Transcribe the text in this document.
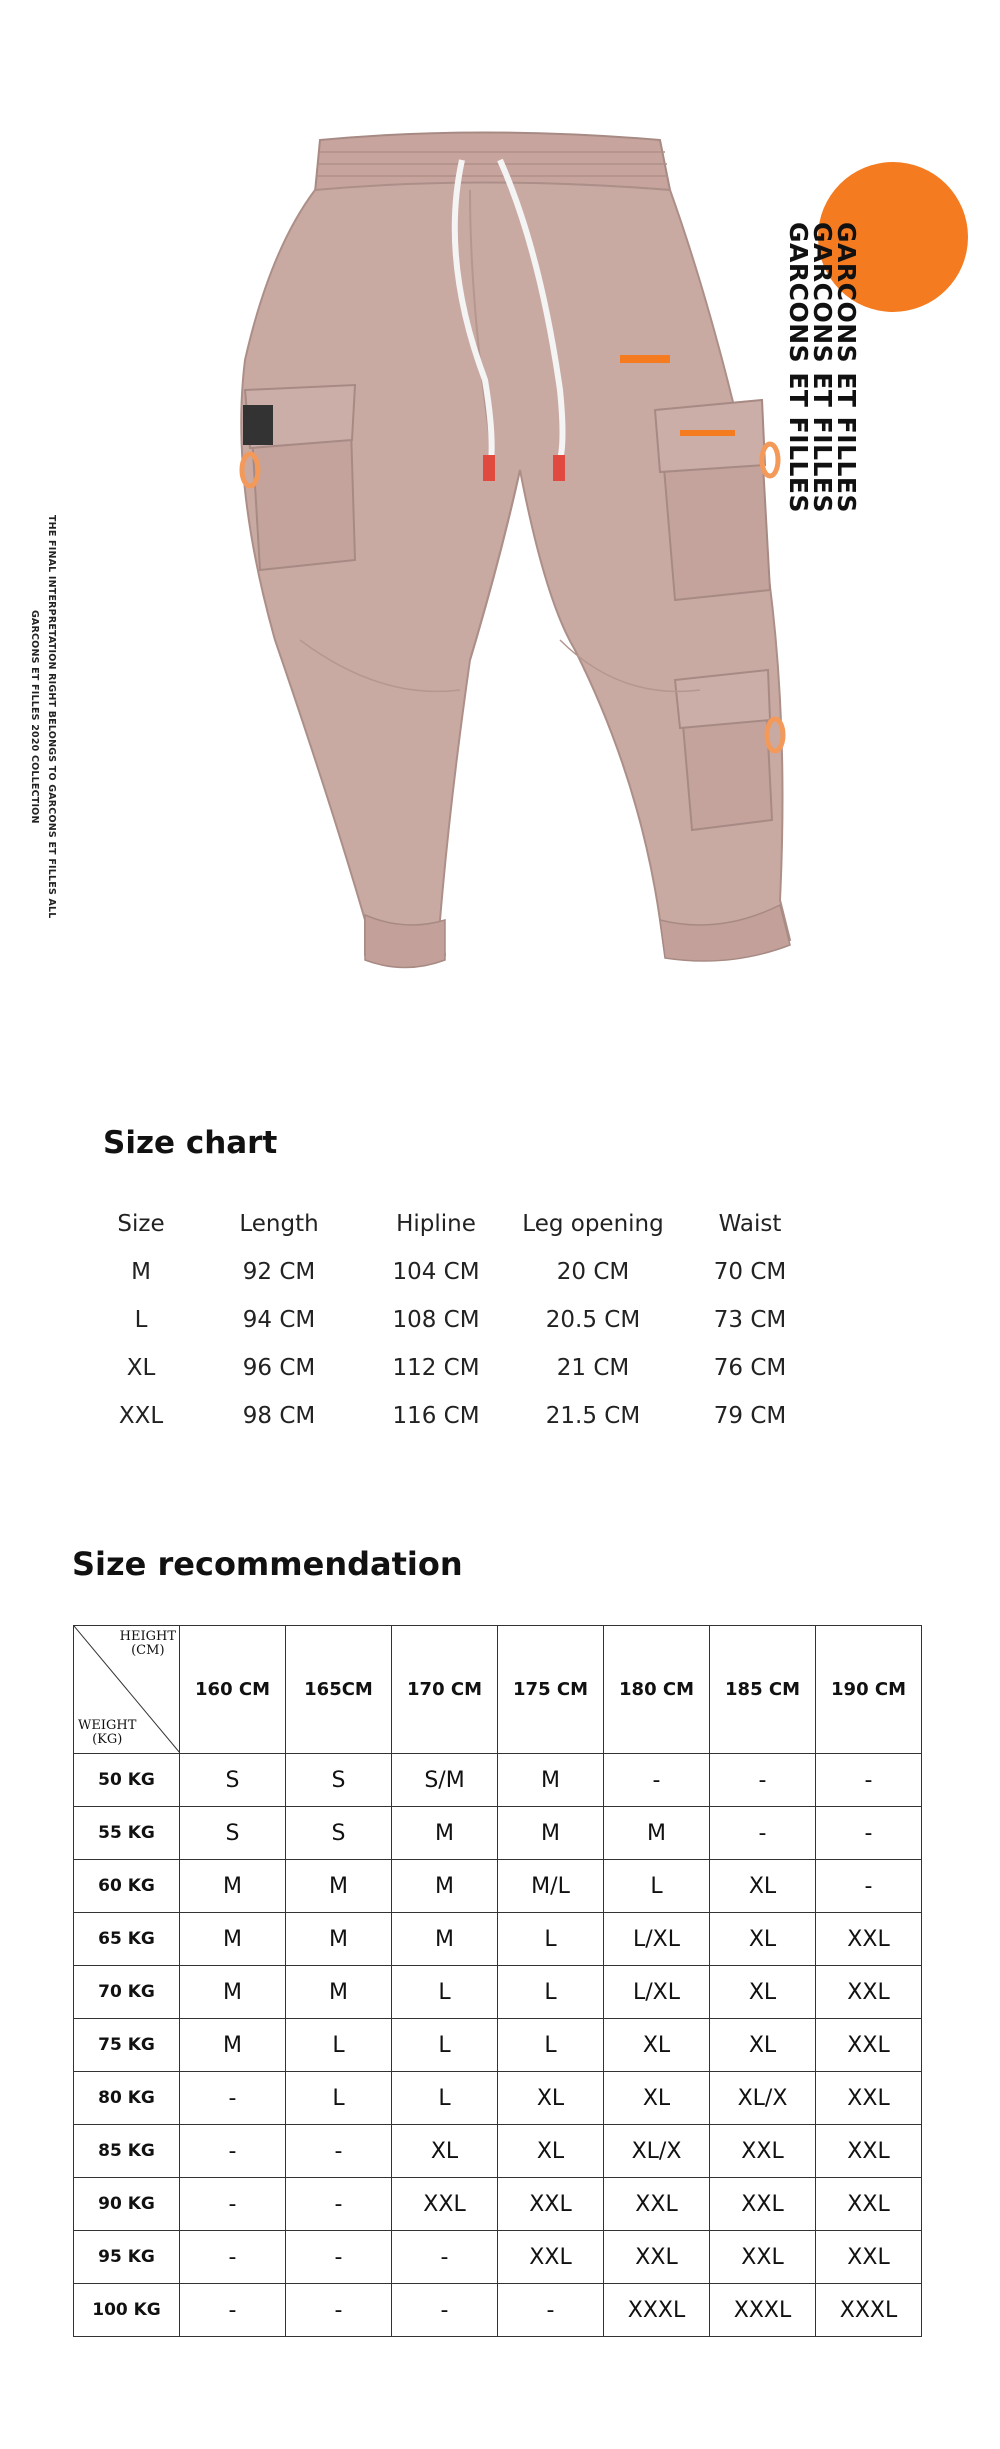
THE FINAL INTERPRETATION RIGHT BELONGS TO GARCONS ET FILLES ALL
GARCONS ET FILLES 2020 COLLECTION
GARCONS ET FILLES
GARCONS ET FILLES
GARCONS ET FILLES
Size chart
Size	Length	Hipline	Leg opening	Waist
M	92 CM	104 CM	20 CM	70 CM
L	94 CM	108 CM	20.5 CM	73 CM
XL	96 CM	112 CM	21 CM	76 CM
XXL	98 CM	116 CM	21.5 CM	79 CM
Size recommendation
HEIGHT
(CM)
WEIGHT
(KG)	160 CM	165CM	170 CM	175 CM	180 CM	185 CM	190 CM
50 KG	S	S	S/M	M	-	-	-
55 KG	S	S	M	M	M	-	-
60 KG	M	M	M	M/L	L	XL	-
65 KG	M	M	M	L	L/XL	XL	XXL
70 KG	M	M	L	L	L/XL	XL	XXL
75 KG	M	L	L	L	XL	XL	XXL
80 KG	-	L	L	XL	XL	XL/X	XXL
85 KG	-	-	XL	XL	XL/X	XXL	XXL
90 KG	-	-	XXL	XXL	XXL	XXL	XXL
95 KG	-	-	-	XXL	XXL	XXL	XXL
100 KG	-	-	-	-	XXXL	XXXL	XXXL
